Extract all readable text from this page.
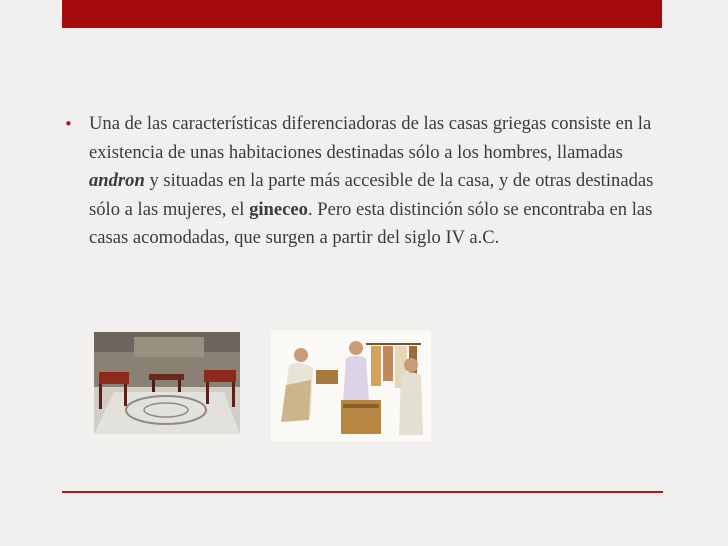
• Una de las características diferenciadoras de las casas griegas consiste en la existencia de unas habitaciones destinadas sólo a los hombres, llamadas andron y situadas en la parte más accesible de la casa, y de otras destinadas sólo a las mujeres, el gineceo. Pero esta distinción sólo se encontraba en las casas acomodadas, que surgen a partir del siglo IV a.C.
